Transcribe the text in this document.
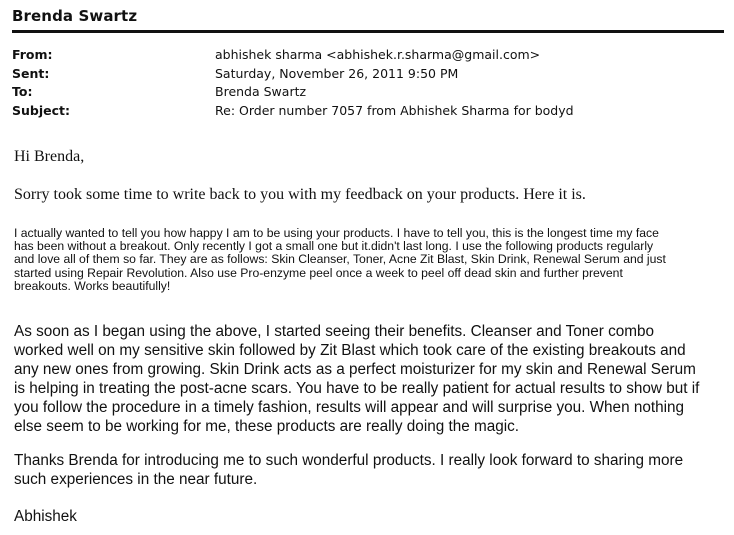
Brenda Swartz
From:	abhishek sharma <abhishek.r.sharma@gmail.com>
Sent:	Saturday, November 26, 2011 9:50 PM
To:	Brenda Swartz
Subject:	Re: Order number 7057 from Abhishek Sharma for bodyd
Hi Brenda,
Sorry took some time to write back to you with my feedback on your products. Here it is.
I actually wanted to tell you how happy I am to be using your products. I have to tell you, this is the longest time my face
has been without a breakout. Only recently I got a small one but it.didn't last long. I use the following products regularly
and love all of them so far. They are as follows: Skin Cleanser, Toner, Acne Zit Blast, Skin Drink, Renewal Serum and just
started using Repair Revolution. Also use Pro-enzyme peel once a week to peel off dead skin and further prevent
breakouts. Works beautifully!
As soon as I began using the above, I started seeing their benefits. Cleanser and Toner combo
worked well on my sensitive skin followed by Zit Blast which took care of the existing breakouts and
any new ones from growing. Skin Drink acts as a perfect moisturizer for my skin and Renewal Serum
is helping in treating the post-acne scars. You have to be really patient for actual results to show but if
you follow the procedure in a timely fashion, results will appear and will surprise you. When nothing
else seem to be working for me, these products are really doing the magic.
Thanks Brenda for introducing me to such wonderful products. I really look forward to sharing more
such experiences in the near future.
Abhishek
